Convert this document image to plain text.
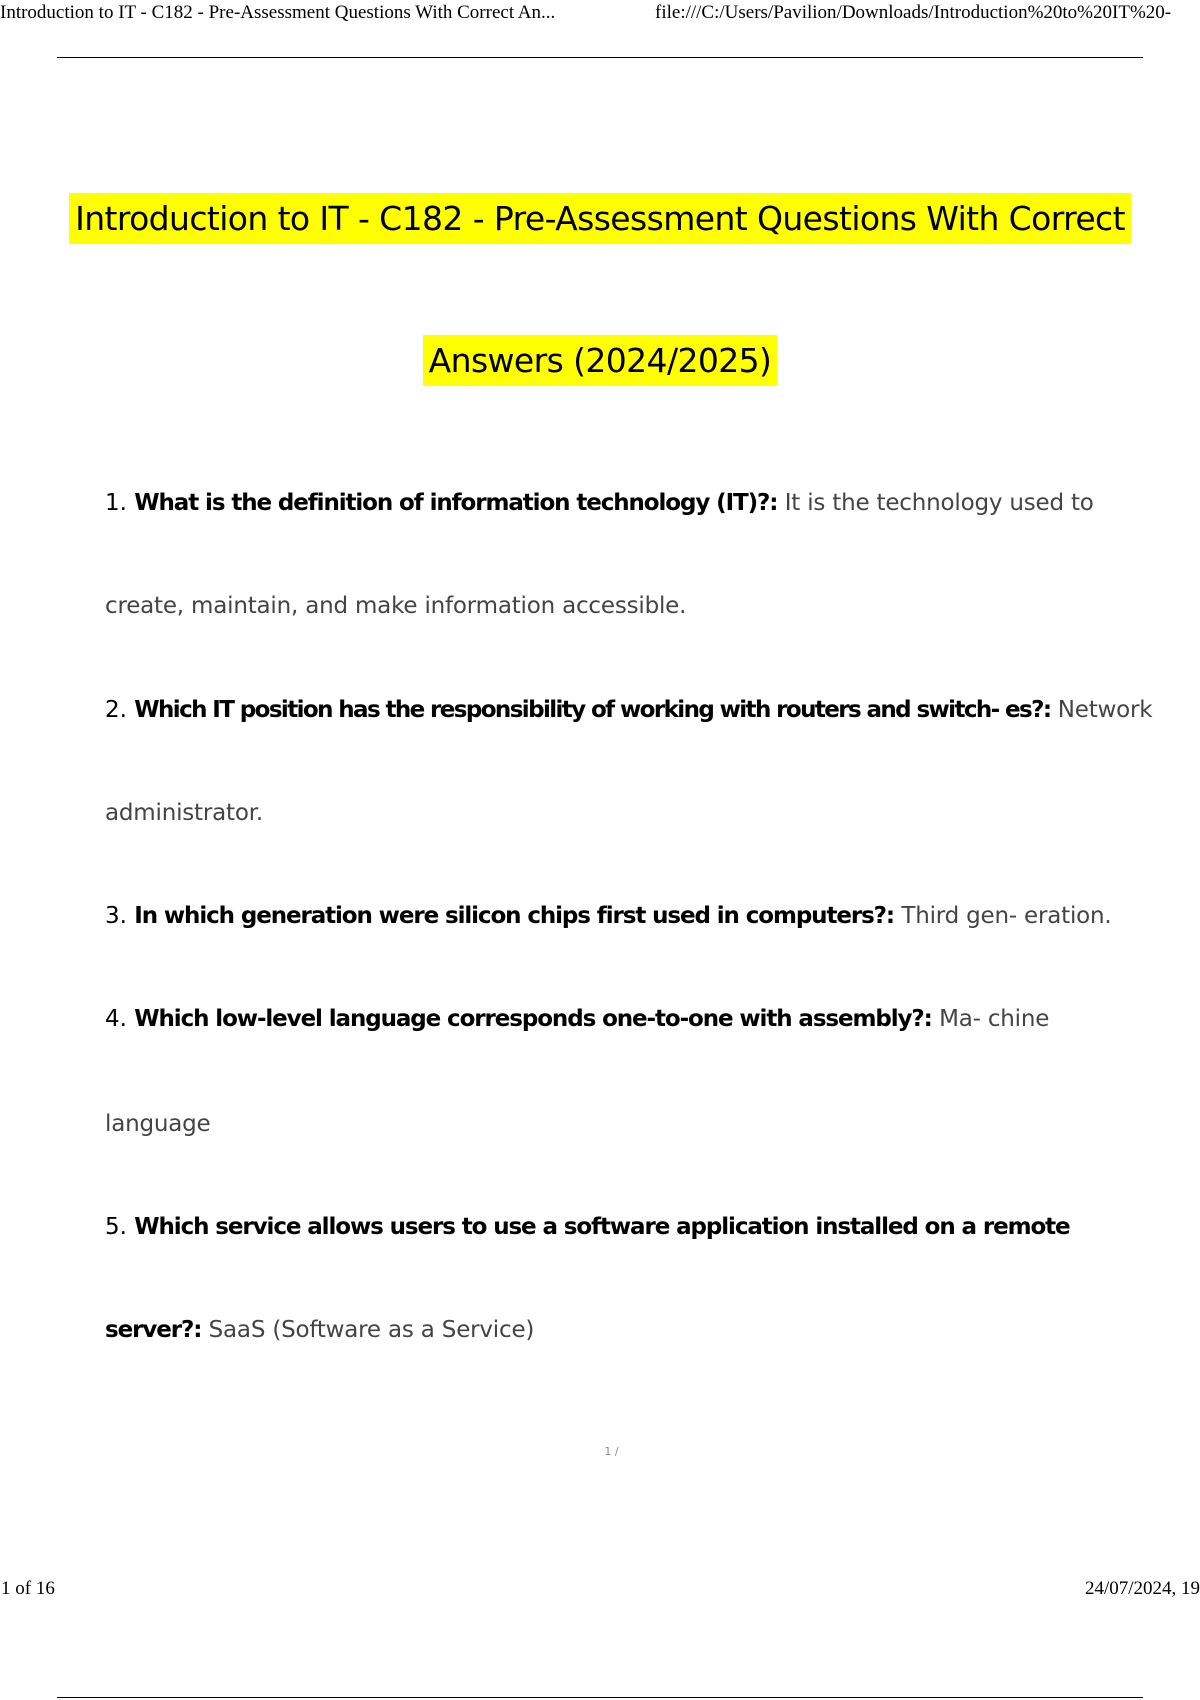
Introduction to IT - C182 - Pre-Assessment Questions With Correct An...	file:///C:/Users/Pavilion/Downloads/Introduction%20to%20IT%20-
Introduction to IT - C182 - Pre-Assessment Questions With Correct
Answers (2024/2025)
1. What is the definition of information technology (IT)?: It is the technology used to
create, maintain, and make information accessible.
2. Which IT position has the responsibility of working with routers and switch- es?: Network
administrator.
3. In which generation were silicon chips first used in computers?: Third gen- eration.
4. Which low-level language corresponds one-to-one with assembly?: Ma- chine
language
5. Which service allows users to use a software application installed on a remote
server?: SaaS (Software as a Service)
1 /
1 of 16	24/07/2024, 19
